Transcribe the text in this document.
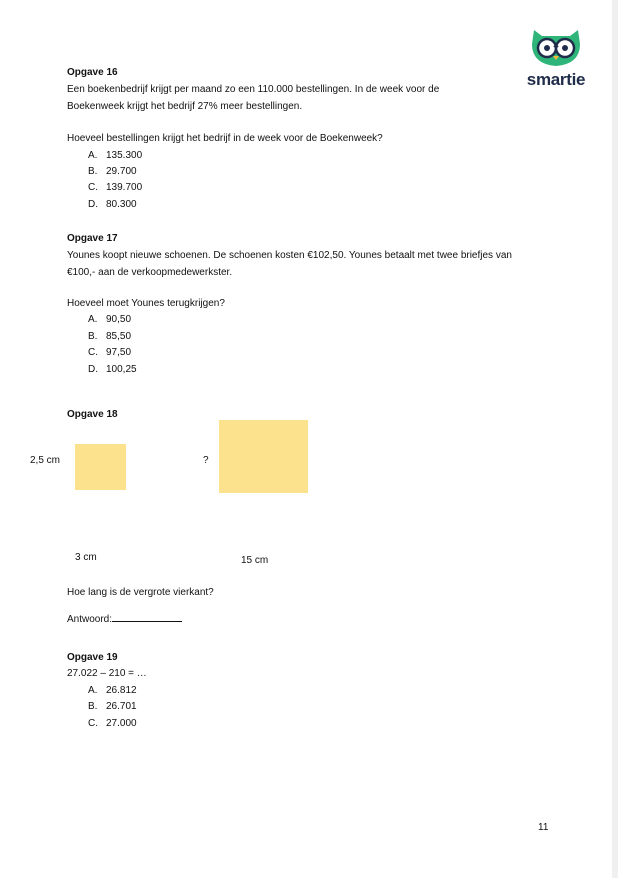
smartie
Opgave 16
Een boekenbedrijf krijgt per maand zo een 110.000 bestellingen. In de week voor de
Boekenweek krijgt het bedrijf 27% meer bestellingen.
Hoeveel bestellingen krijgt het bedrijf in de week voor de Boekenweek?
A. 135.300
B. 29.700
C. 139.700
D. 80.300
Opgave 17
Younes koopt nieuwe schoenen. De schoenen kosten €102,50. Younes betaalt met twee briefjes van
€100,- aan de verkoopmedewerkster.
Hoeveel moet Younes terugkrijgen?
A. 90,50
B. 85,50
C. 97,50
D. 100,25
Opgave 18
2,5 cm	?
3 cm	15 cm
Hoe lang is de vergrote vierkant?
Antwoord:
Opgave 19
27.022 – 210 = …
A. 26.812
B. 26.701
C. 27.000
11
